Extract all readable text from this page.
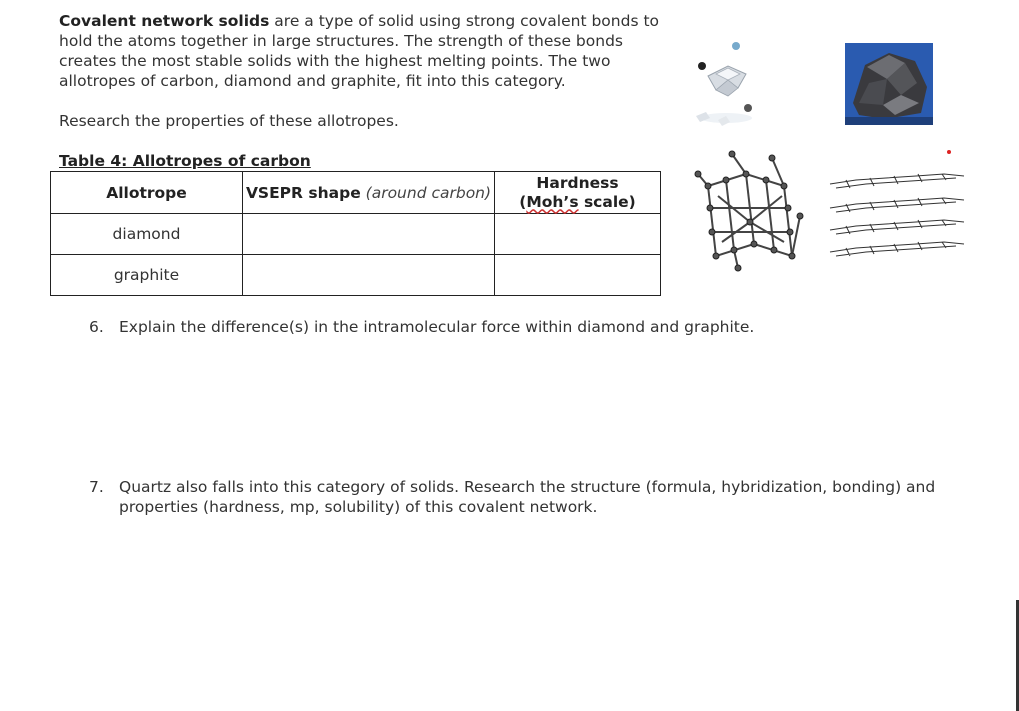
Covalent network solids are a type of solid using strong covalent bonds to hold the atoms together in large structures. The strength of these bonds creates the most stable solids with the highest melting points. The two allotropes of carbon, diamond and graphite, fit into this category.
Research the properties of these allotropes.
Table 4: Allotropes of carbon
Allotrope	VSEPR shape (around carbon)	Hardness
(Moh’s scale)
diamond		
graphite		
6. Explain the difference(s) in the intramolecular force within diamond and graphite.
7. Quartz also falls into this category of solids. Research the structure (formula, hybridization, bonding) and properties (hardness, mp, solubility) of this covalent network.
